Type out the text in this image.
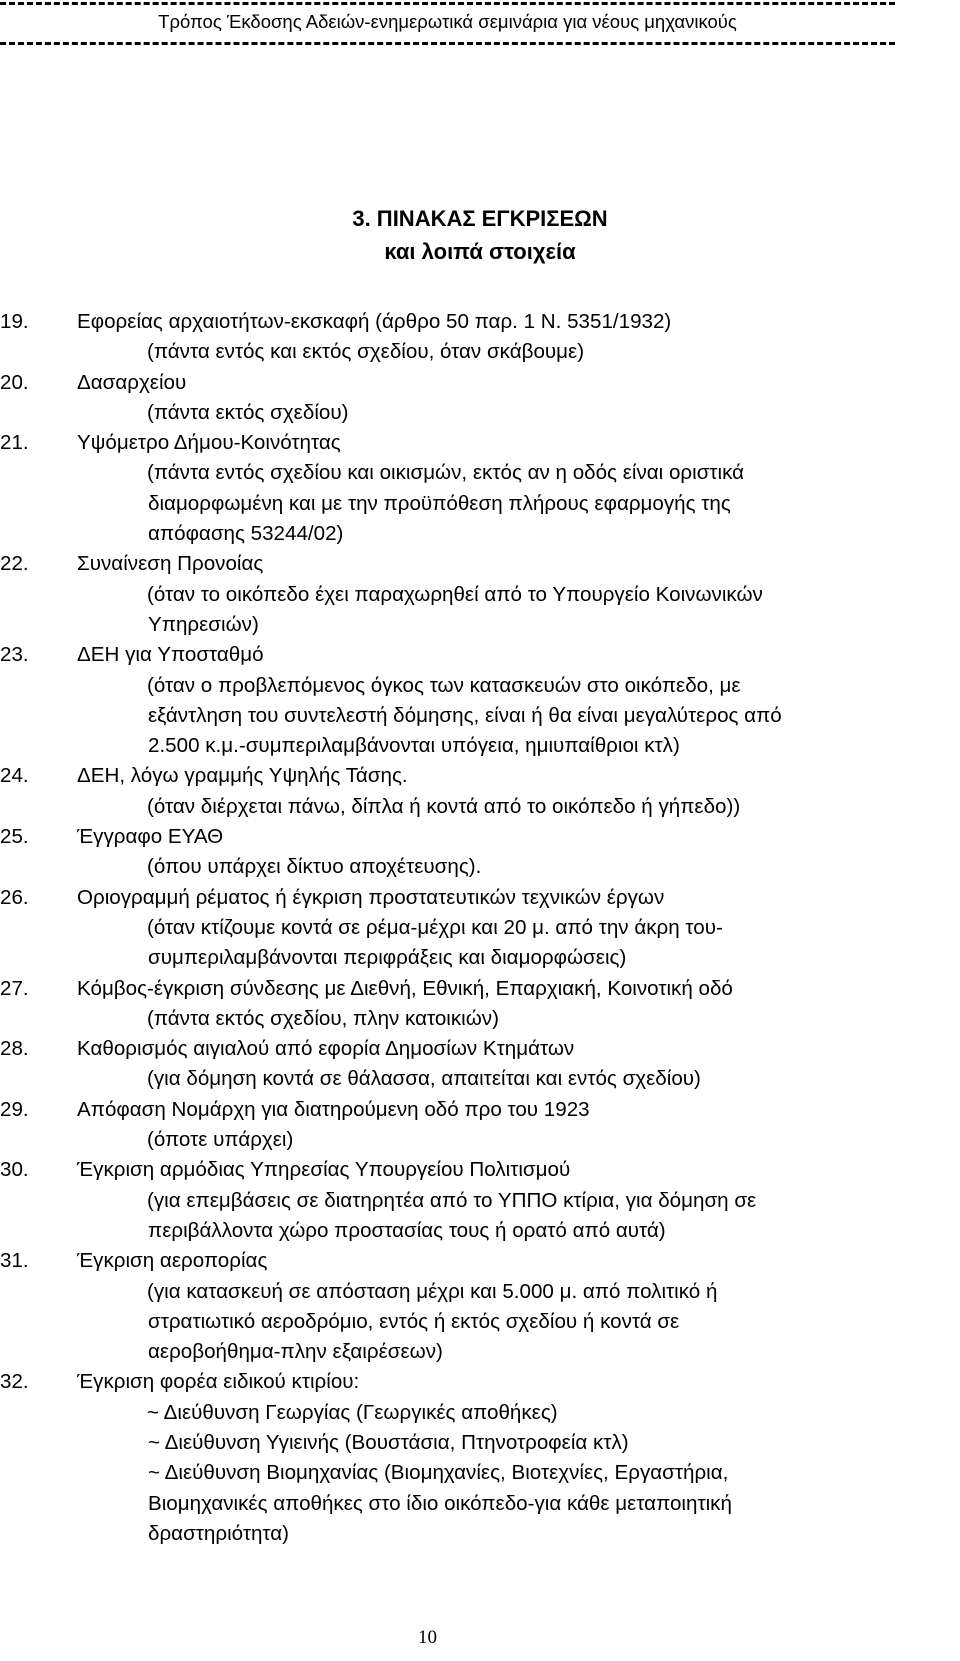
Τρόπος Έκδοσης Αδειών-ενημερωτικά σεμινάρια για νέους μηχανικούς
3. ΠΙΝΑΚΑΣ ΕΓΚΡΙΣΕΩΝ
και λοιπά στοιχεία
19. Εφορείας αρχαιοτήτων-εκσκαφή (άρθρο 50 παρ. 1 Ν. 5351/1932)
(πάντα εντός και εκτός σχεδίου, όταν σκάβουμε)
20. Δασαρχείου
(πάντα εκτός σχεδίου)
21. Υψόμετρο Δήμου-Κοινότητας
(πάντα εντός σχεδίου και οικισμών, εκτός αν η οδός είναι οριστικά
διαμορφωμένη και με την προϋπόθεση πλήρους εφαρμογής της
απόφασης 53244/02)
22. Συναίνεση Προνοίας
(όταν το οικόπεδο έχει παραχωρηθεί από το Υπουργείο Κοινωνικών
Υπηρεσιών)
23. ΔΕΗ για Υποσταθμό
(όταν ο προβλεπόμενος όγκος των κατασκευών στο οικόπεδο, με
εξάντληση του συντελεστή δόμησης, είναι ή θα είναι μεγαλύτερος από
2.500 κ.μ.-συμπεριλαμβάνονται υπόγεια, ημιυπαίθριοι κτλ)
24. ΔΕΗ, λόγω γραμμής Υψηλής Τάσης.
(όταν διέρχεται πάνω, δίπλα ή κοντά από το οικόπεδο ή γήπεδο))
25. Έγγραφο ΕΥΑΘ
(όπου υπάρχει δίκτυο αποχέτευσης).
26. Οριογραμμή ρέματος ή έγκριση προστατευτικών τεχνικών έργων
(όταν κτίζουμε κοντά σε ρέμα-μέχρι και 20 μ. από την άκρη του-
συμπεριλαμβάνονται περιφράξεις και διαμορφώσεις)
27. Κόμβος-έγκριση σύνδεσης με Διεθνή, Εθνική, Επαρχιακή, Κοινοτική οδό
(πάντα εκτός σχεδίου, πλην κατοικιών)
28. Καθορισμός αιγιαλού από εφορία Δημοσίων Κτημάτων
(για δόμηση κοντά σε θάλασσα, απαιτείται και εντός σχεδίου)
29. Απόφαση Νομάρχη για διατηρούμενη οδό προ του 1923
(όποτε υπάρχει)
30. Έγκριση αρμόδιας Υπηρεσίας Υπουργείου Πολιτισμού
(για επεμβάσεις σε διατηρητέα από το ΥΠΠΟ κτίρια, για δόμηση σε
περιβάλλοντα χώρο προστασίας τους ή ορατό από αυτά)
31. Έγκριση αεροπορίας
(για κατασκευή σε απόσταση μέχρι και 5.000 μ. από πολιτικό ή
στρατιωτικό αεροδρόμιο, εντός ή εκτός σχεδίου ή κοντά σε
αεροβοήθημα-πλην εξαιρέσεων)
32. Έγκριση φορέα ειδικού κτιρίου:
~ Διεύθυνση Γεωργίας (Γεωργικές αποθήκες)
~ Διεύθυνση Υγιεινής (Βουστάσια, Πτηνοτροφεία κτλ)
~ Διεύθυνση Βιομηχανίας (Βιομηχανίες, Βιοτεχνίες, Εργαστήρια,
Βιομηχανικές αποθήκες στο ίδιο οικόπεδο-για κάθε μεταποιητική
δραστηριότητα)
10
